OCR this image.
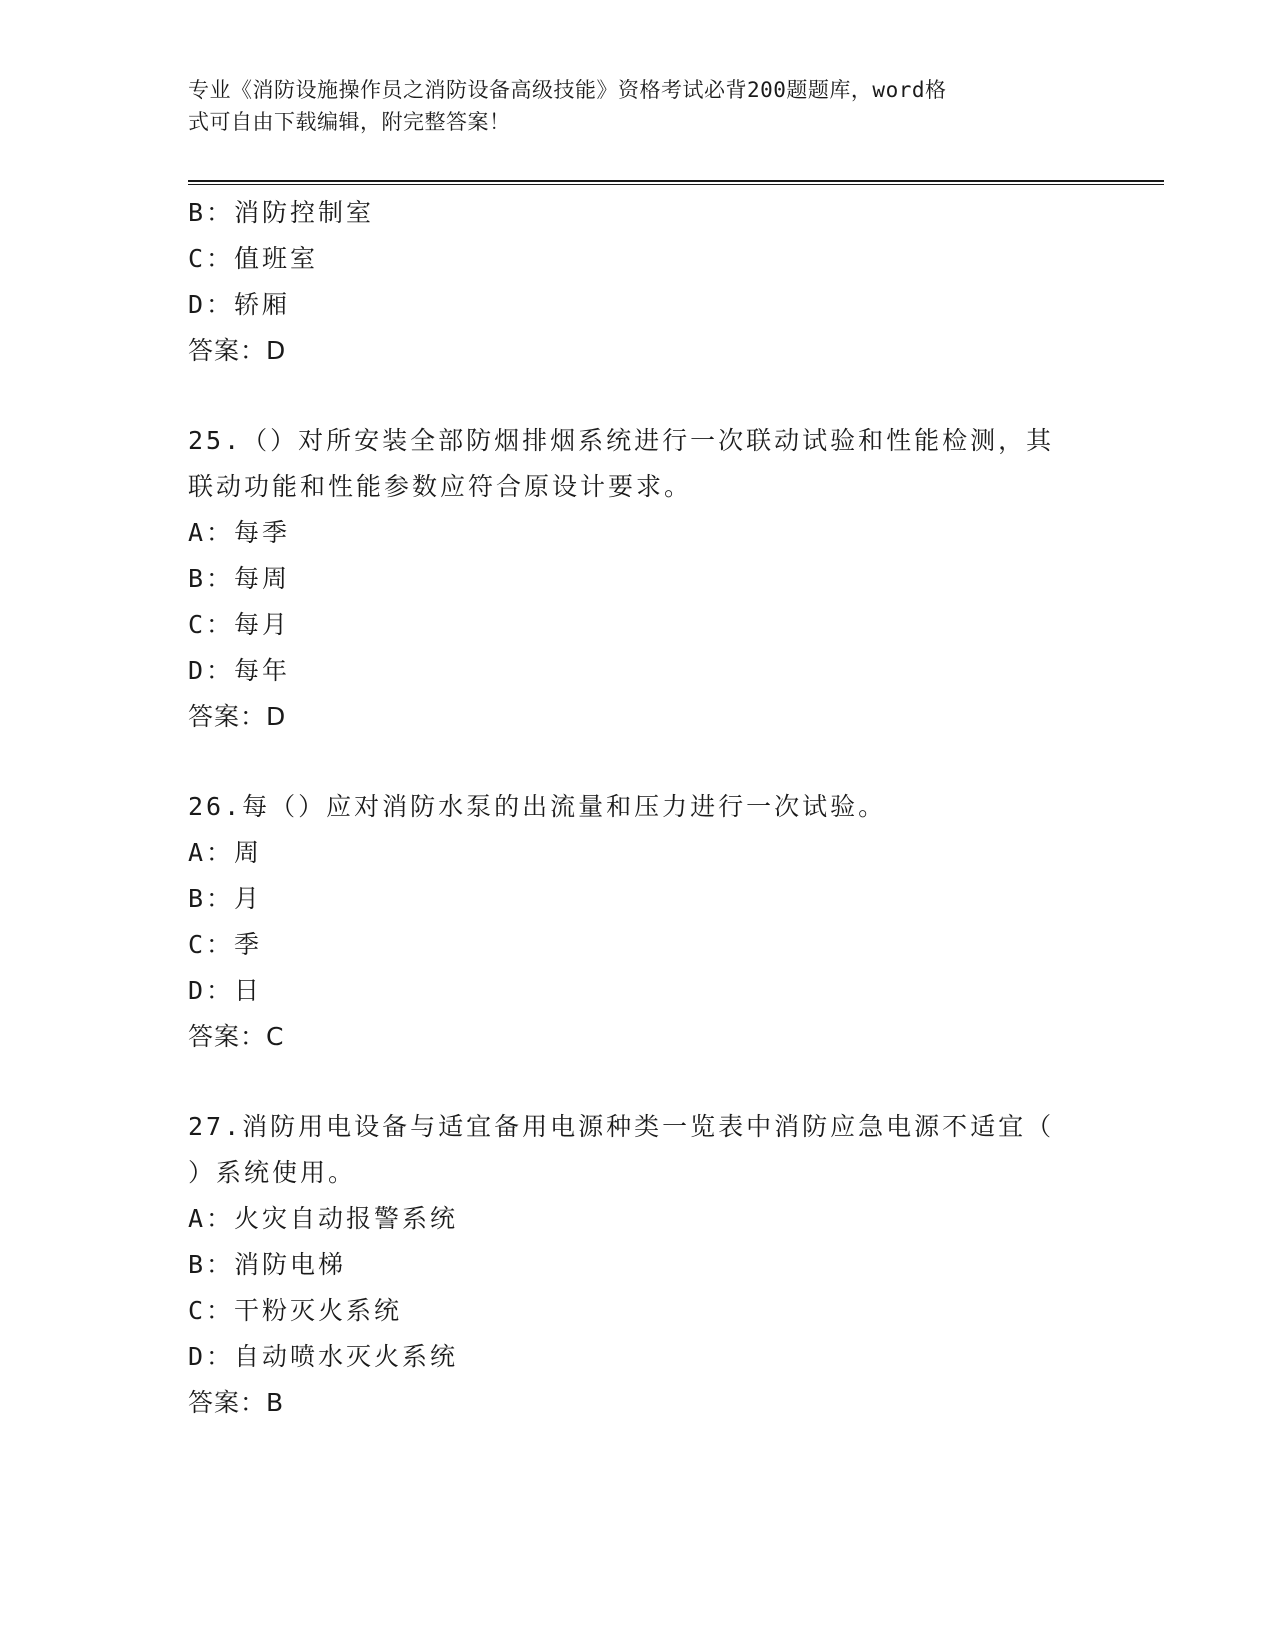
专业《消防设施操作员之消防设备高级技能》资格考试必背200题题库，word格
式可自由下载编辑，附完整答案！
B：消防控制室
C：值班室
D：轿厢
答案：D
25.（）对所安装全部防烟排烟系统进行一次联动试验和性能检测，其
联动功能和性能参数应符合原设计要求。
A：每季
B：每周
C：每月
D：每年
答案：D
26.每（）应对消防水泵的出流量和压力进行一次试验。
A：周
B：月
C：季
D：日
答案：C
27.消防用电设备与适宜备用电源种类一览表中消防应急电源不适宜（
）系统使用。
A：火灾自动报警系统
B：消防电梯
C：干粉灭火系统
D：自动喷水灭火系统
答案：B
